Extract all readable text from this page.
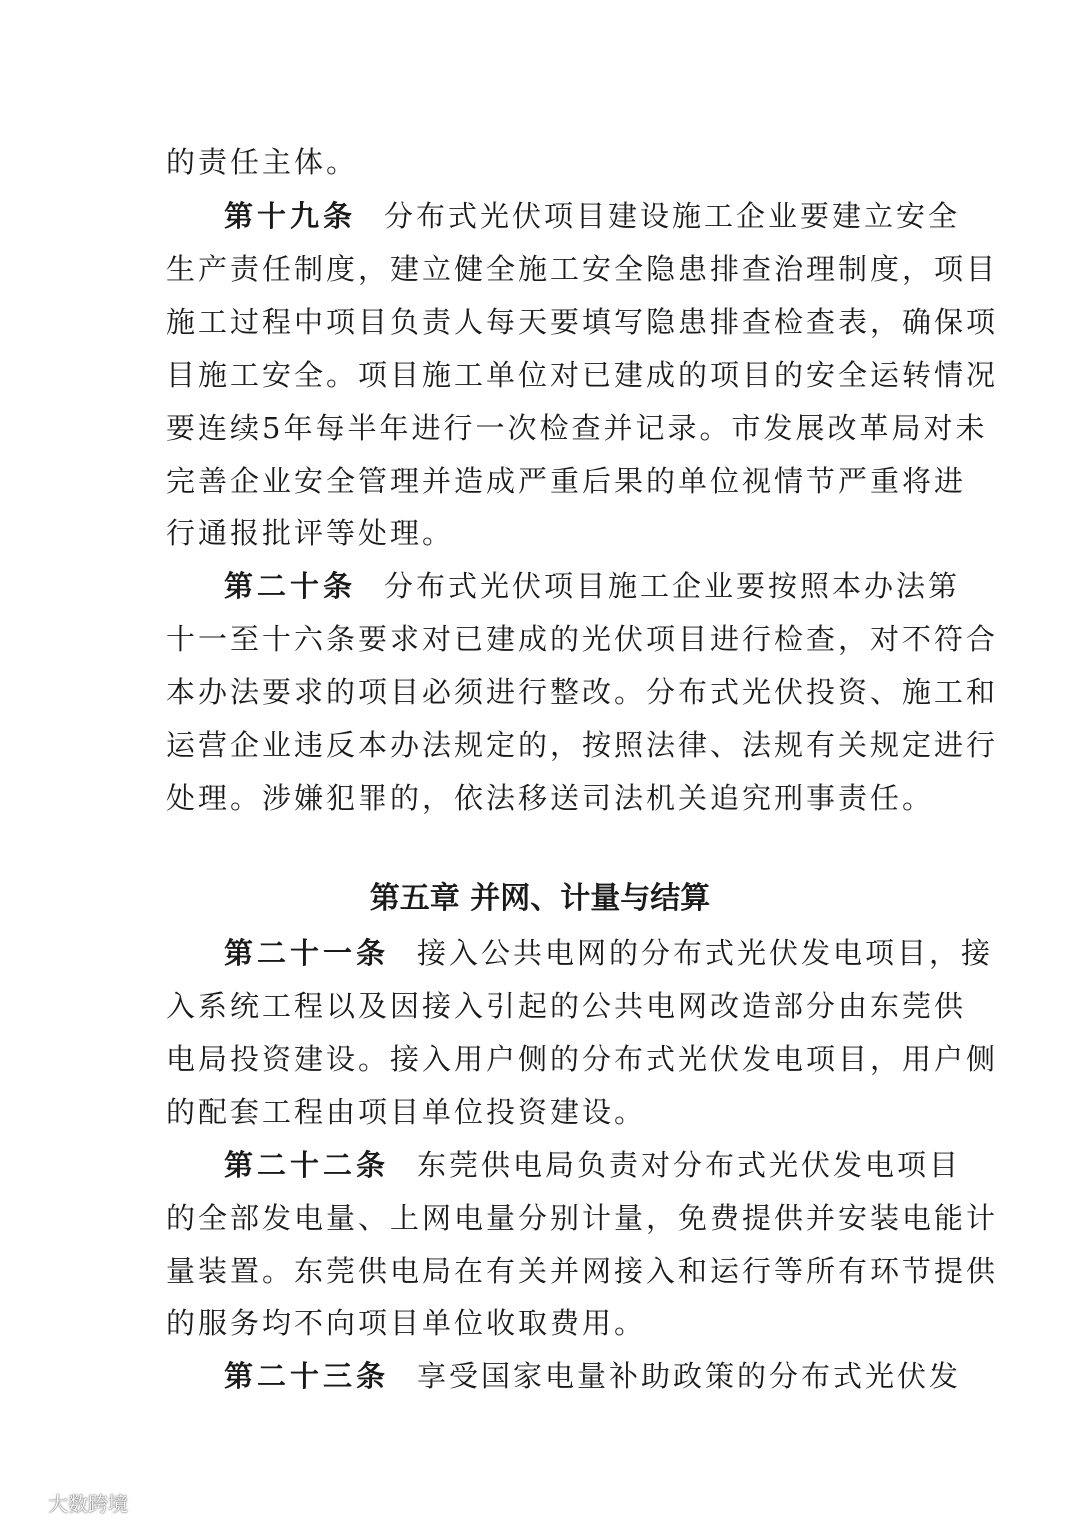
的责任主体。
第十九条 分布式光伏项目建设施工企业要建立安全
生产责任制度，建立健全施工安全隐患排查治理制度，项目
施工过程中项目负责人每天要填写隐患排查检查表，确保项
目施工安全。项目施工单位对已建成的项目的安全运转情况
要连续5年每半年进行一次检查并记录。市发展改革局对未
完善企业安全管理并造成严重后果的单位视情节严重将进
行通报批评等处理。
第二十条 分布式光伏项目施工企业要按照本办法第
十一至十六条要求对已建成的光伏项目进行检查，对不符合
本办法要求的项目必须进行整改。分布式光伏投资、施工和
运营企业违反本办法规定的，按照法律、法规有关规定进行
处理。涉嫌犯罪的，依法移送司法机关追究刑事责任。
第五章 并网、计量与结算
第二十一条 接入公共电网的分布式光伏发电项目，接
入系统工程以及因接入引起的公共电网改造部分由东莞供
电局投资建设。接入用户侧的分布式光伏发电项目，用户侧
的配套工程由项目单位投资建设。
第二十二条 东莞供电局负责对分布式光伏发电项目
的全部发电量、上网电量分别计量，免费提供并安装电能计
量装置。东莞供电局在有关并网接入和运行等所有环节提供
的服务均不向项目单位收取费用。
第二十三条 享受国家电量补助政策的分布式光伏发
大数跨境
